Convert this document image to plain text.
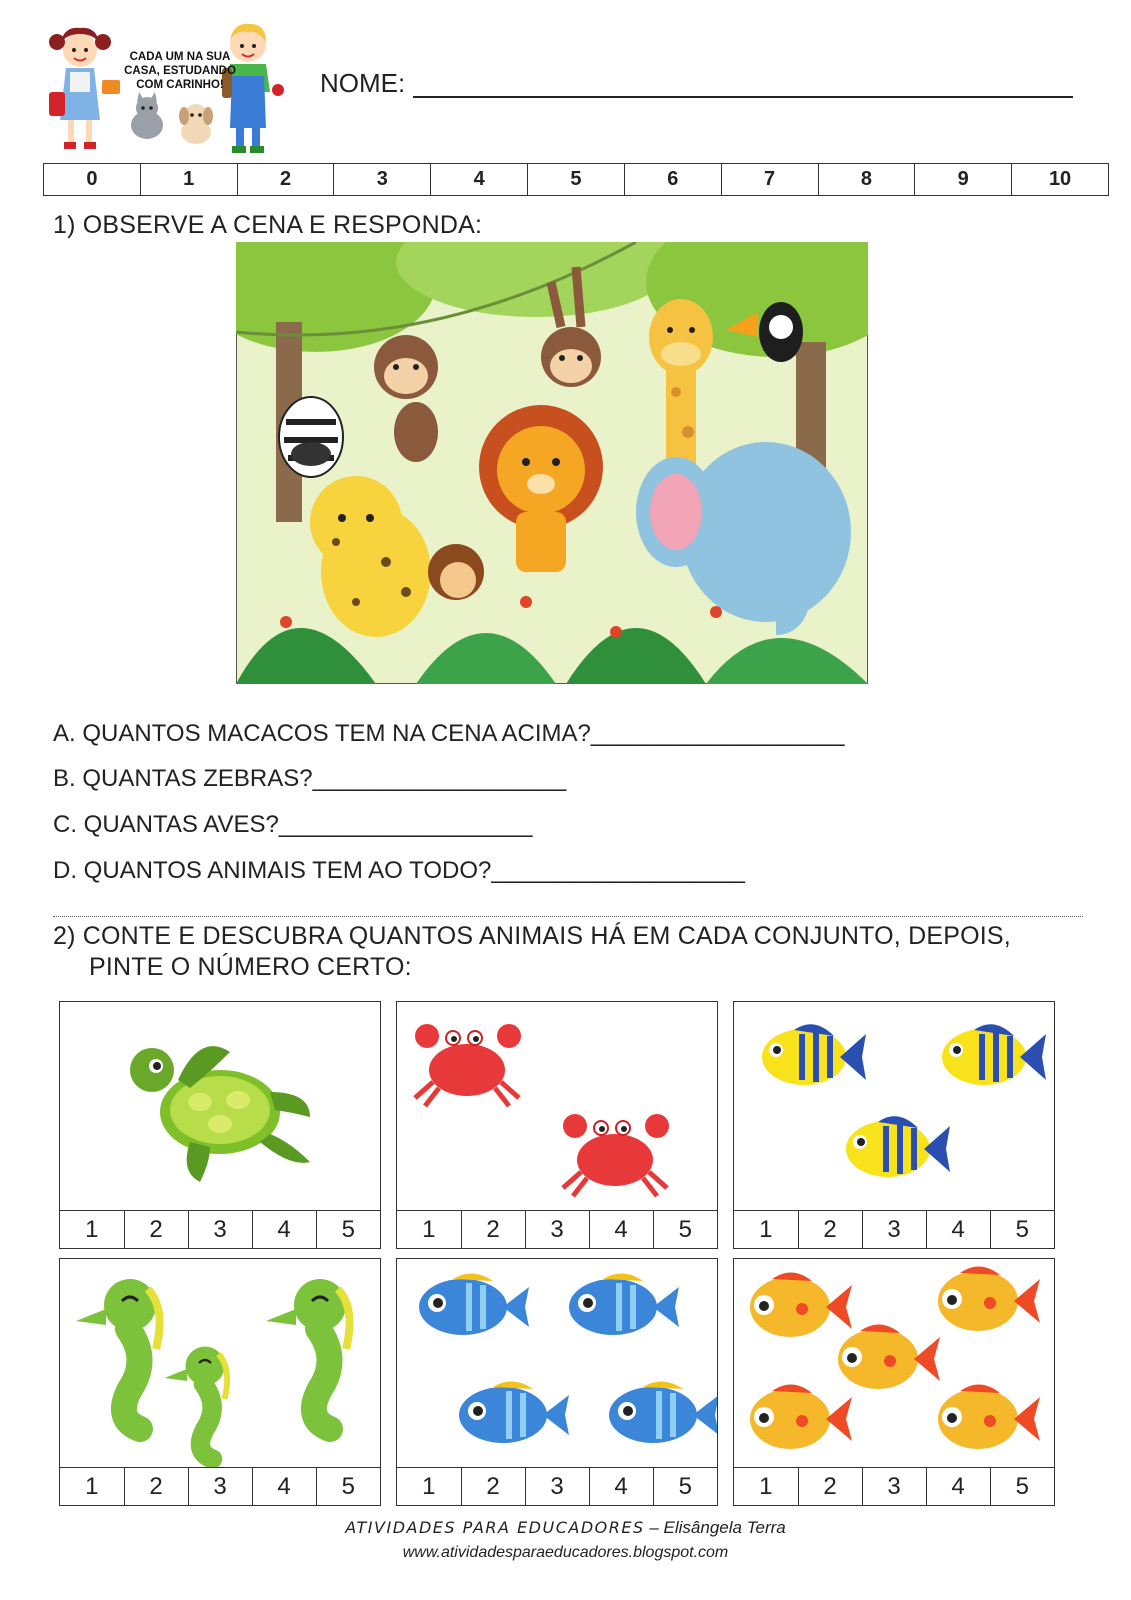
CADA UM NA SUA
CASA, ESTUDANDO
COM CARINHO!	NOME:
0	1	2	3	4	5	6	7	8	9	10
1) OBSERVE A CENA E RESPONDA:
A. QUANTOS MACACOS TEM NA CENA ACIMA?___________________
B. QUANTAS ZEBRAS?___________________
C. QUANTAS AVES?___________________
D. QUANTOS ANIMAIS TEM AO TODO?___________________
2) CONTE E DESCUBRA QUANTOS ANIMAIS HÁ EM CADA CONJUNTO, DEPOIS,
PINTE O NÚMERO CERTO:
1	2	3	4	5	1	2	3	4	5	1	2	3	4	5
1	2	3	4	5	1	2	3	4	5	1	2	3	4	5
ATIVIDADES PARA EDUCADORES – Elisângela Terra
www.atividadesparaeducadores.blogspot.com
